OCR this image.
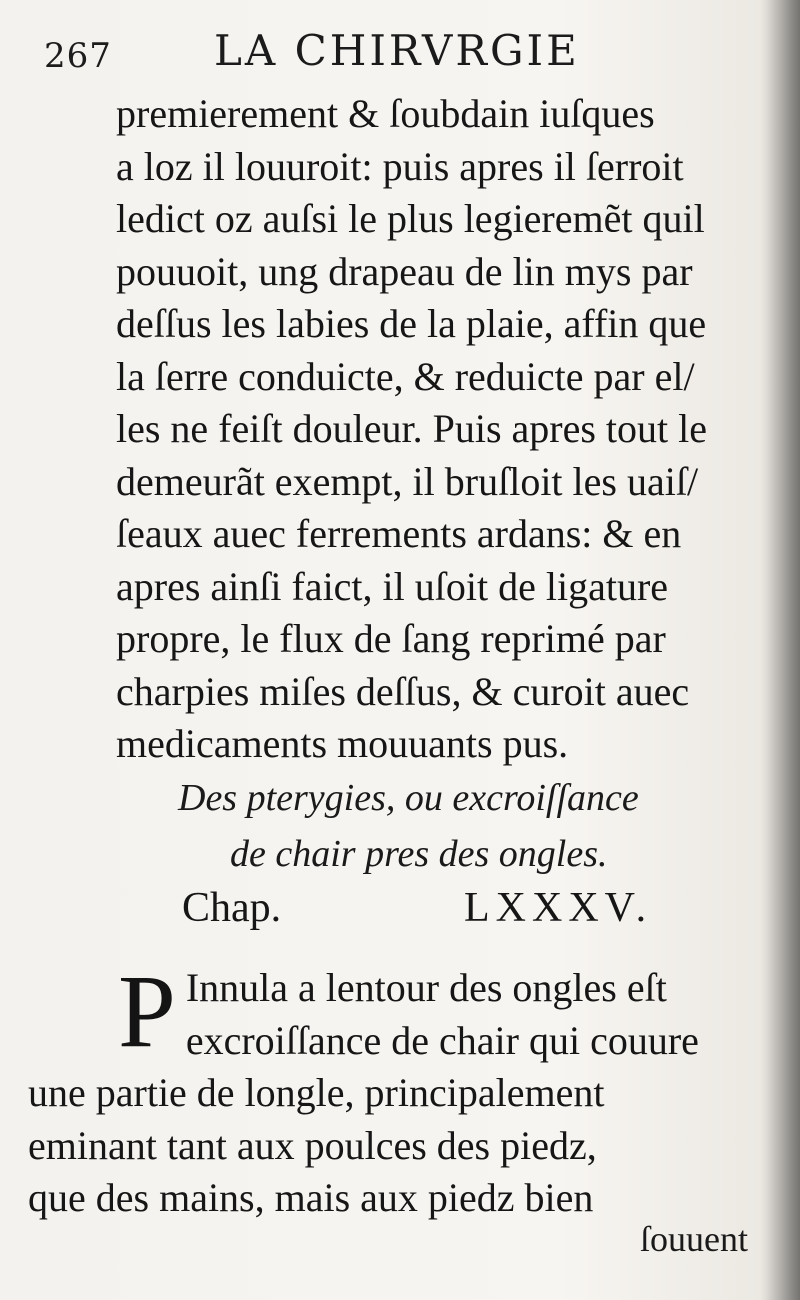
267 LA CHIRVRGIE
premierement & ſoubdain iuſques
a loz il louuroit: puis apres il ſerroit
ledict oz auſsi le plus legieremẽt quil
pouuoit, ung drapeau de lin mys par
deſſus les labies de la plaie, affin que
la ſerre conduicte, & reduicte par el/
les ne feiſt douleur. Puis apres tout le
demeurãt exempt, il bruſloit les uaiſ/
ſeaux auec ferrements ardans: & en
apres ainſi faict, il uſoit de ligature
propre, le flux de ſang reprimé par
charpies miſes deſſus, & curoit auec
medicaments mouuants pus.
Des pterygies, ou excroiſſance
de chair pres des ongles.
Chap.	LXXXV.
P Innula a lentour des ongles eſt
excroiſſance de chair qui couure
une partie de longle, principalement
eminant tant aux poulces des piedz,
que des mains, mais aux piedz bien
ſouuent
